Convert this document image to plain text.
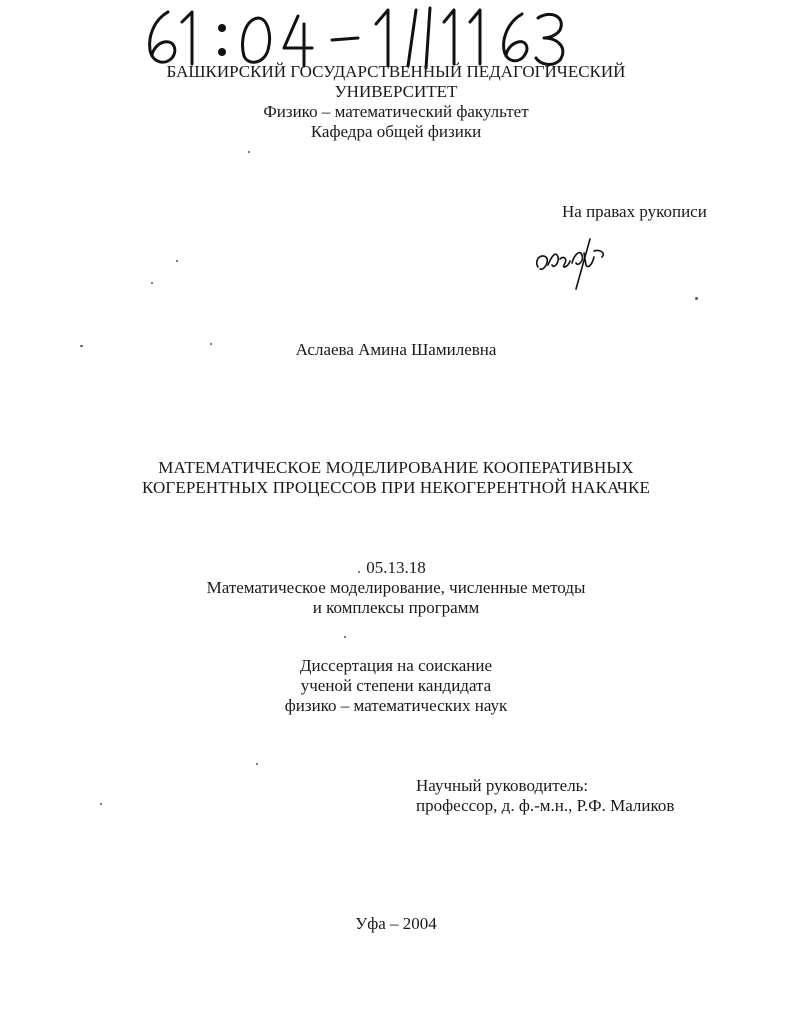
БАШКИРСКИЙ ГОСУДАРСТВЕННЫЙ ПЕДАГОГИЧЕСКИЙ
УНИВЕРСИТЕТ
Физико – математический факультет
Кафедра общей физики
На правах рукописи
Аслаева Амина Шамилевна
МАТЕМАТИЧЕСКОЕ МОДЕЛИРОВАНИЕ КООПЕРАТИВНЫХ
КОГЕРЕНТНЫХ ПРОЦЕССОВ ПРИ НЕКОГЕРЕНТНОЙ НАКАЧКЕ
05.13.18
Математическое моделирование, численные методы
и комплексы программ
Диссертация на соискание
ученой степени кандидата
физико – математических наук
Научный руководитель:
профессор, д. ф.-м.н., Р.Ф. Маликов
Уфа – 2004
